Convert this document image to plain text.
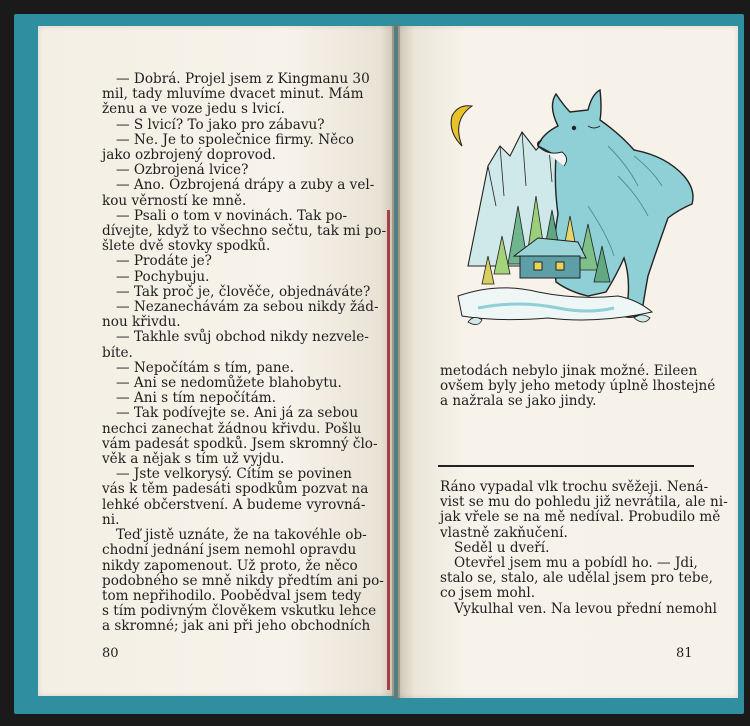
— Dobrá. Projel jsem z Kingmanu 30
mil, tady mluvíme dvacet minut. Mám
ženu a ve voze jedu s lvicí.
— S lvicí? To jako pro zábavu?
— Ne. Je to společnice firmy. Něco
jako ozbrojený doprovod.
— Ozbrojená lvice?
— Ano. Ozbrojená drápy a zuby a vel-
kou věrností ke mně.
— Psali o tom v novinách. Tak po-
dívejte, když to všechno sečtu, tak mi po-
šlete dvě stovky spodků.
— Prodáte je?
— Pochybuju.
— Tak proč je, člověče, objednáváte?
— Nezanechávám za sebou nikdy žád-
nou křivdu.
— Takhle svůj obchod nikdy nezvele-
bíte.
— Nepočítám s tím, pane.
— Ani se nedomůžete blahobytu.
— Ani s tím nepočítám.
— Tak podívejte se. Ani já za sebou
nechci zanechat žádnou křivdu. Pošlu
vám padesát spodků. Jsem skromný člo-
věk a nějak s tím už vyjdu.
— Jste velkorysý. Cítím se povinen
vás k těm padesáti spodkům pozvat na
lehké občerstvení. A budeme vyrovná-
ni.
Teď jistě uznáte, že na takovéhle ob-
chodní jednání jsem nemohl opravdu
nikdy zapomenout. Už proto, že něco
podobného se mně nikdy předtím ani po-
tom nepřihodilo. Poobědval jsem tedy
s tím podivným člověkem vskutku lehce
a skromné; jak ani při jeho obchodních
80
metodách nebylo jinak možné. Eileen
ovšem byly jeho metody úplně lhostejné
a nažrala se jako jindy.
Ráno vypadal vlk trochu svěžeji. Nená-
vist se mu do pohledu již nevrátila, ale ni-
jak vřele se na mě nedíval. Probudilo mě
vlastně zakňučení.
Seděl u dveří.
Otevřel jsem mu a pobídl ho. — Jdi,
stalo se, stalo, ale udělal jsem pro tebe,
co jsem mohl.
Vykulhal ven. Na levou přední nemohl
81
